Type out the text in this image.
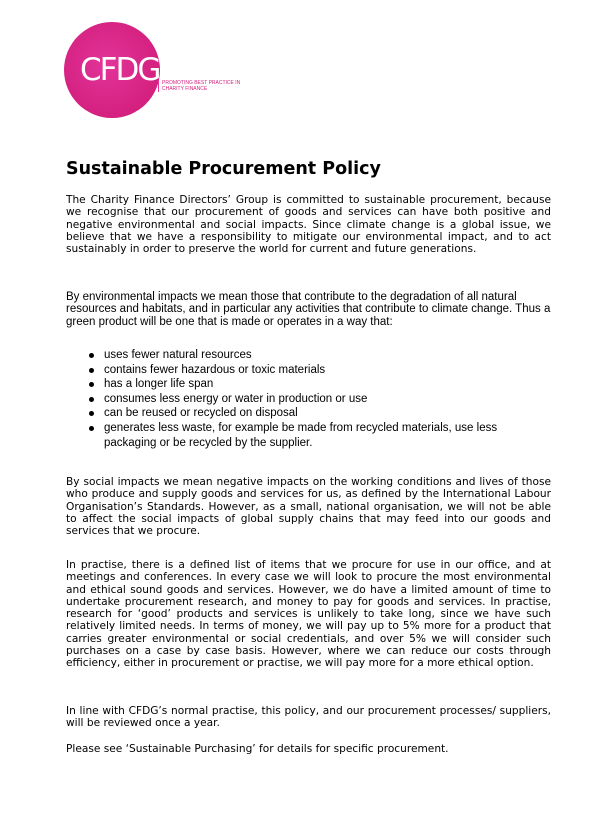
CFDG PROMOTING BEST PRACTICE IN CHARITY FINANCE
Sustainable Procurement Policy

The Charity Finance Directors’ Group is committed to sustainable procurement, because we recognise that our procurement of goods and services can have both positive and negative environmental and social impacts. Since climate change is a global issue, we believe that we have a responsibility to mitigate our environmental impact, and to act sustainably in order to preserve the world for current and future generations.

By environmental impacts we mean those that contribute to the degradation of all natural resources and habitats, and in particular any activities that contribute to climate change. Thus a green product will be one that is made or operates in a way that:

uses fewer natural resources
contains fewer hazardous or toxic materials
has a longer life span
consumes less energy or water in production or use
can be reused or recycled on disposal
generates less waste, for example be made from recycled materials, use less packaging or be recycled by the supplier.

By social impacts we mean negative impacts on the working conditions and lives of those who produce and supply goods and services for us, as defined by the International Labour Organisation’s Standards. However, as a small, national organisation, we will not be able to affect the social impacts of global supply chains that may feed into our goods and services that we procure.

In practise, there is a defined list of items that we procure for use in our office, and at meetings and conferences. In every case we will look to procure the most environmental and ethical sound goods and services. However, we do have a limited amount of time to undertake procurement research, and money to pay for goods and services. In practise, research for ‘good’ products and services is unlikely to take long, since we have such relatively limited needs. In terms of money, we will pay up to 5% more for a product that carries greater environmental or social credentials, and over 5% we will consider such purchases on a case by case basis. However, where we can reduce our costs through efficiency, either in procurement or practise, we will pay more for a more ethical option.

In line with CFDG’s normal practise, this policy, and our procurement processes/ suppliers, will be reviewed once a year.

Please see ‘Sustainable Purchasing’ for details for specific procurement.
